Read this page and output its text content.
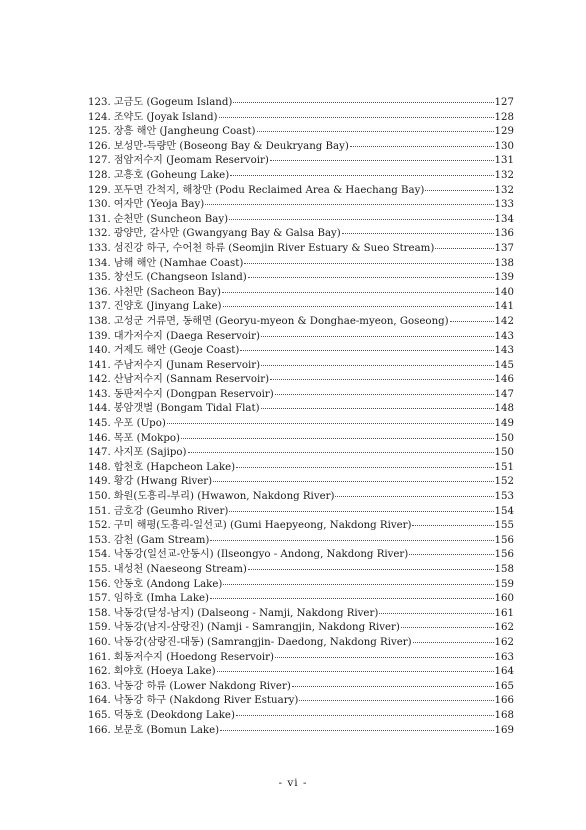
123. 고금도 (Gogeum Island)	127
124. 조약도 (Joyak Island)	128
125. 장흥 해안 (Jangheung Coast)	129
126. 보성만-득량만 (Boseong Bay & Deukryang Bay)	130
127. 점암저수지 (Jeomam Reservoir)	131
128. 고흥호 (Goheung Lake)	132
129. 포두면 간척지, 해창만 (Podu Reclaimed Area & Haechang Bay)	132
130. 여자만 (Yeoja Bay)	133
131. 순천만 (Suncheon Bay)	134
132. 광양만, 갈사만 (Gwangyang Bay & Galsa Bay)	136
133. 섬진강 하구, 수어천 하류 (Seomjin River Estuary & Sueo Stream)	137
134. 남해 해안 (Namhae Coast)	138
135. 창선도 (Changseon Island)	139
136. 사천만 (Sacheon Bay)	140
137. 진양호 (Jinyang Lake)	141
138. 고성군 거류면, 동해면 (Georyu-myeon & Donghae-myeon, Goseong)	142
139. 대가저수지 (Daega Reservoir)	143
140. 거제도 해안 (Geoje Coast)	143
141. 주남저수지 (Junam Reservoir)	145
142. 산남저수지 (Sannam Reservoir)	146
143. 동판저수지 (Dongpan Reservoir)	147
144. 봉암갯벌 (Bongam Tidal Flat)	148
145. 우포 (Upo)	149
146. 목포 (Mokpo)	150
147. 사지포 (Sajipo)	150
148. 합천호 (Hapcheon Lake)	151
149. 황강 (Hwang River)	152
150. 화원(도흥리-부리) (Hwawon, Nakdong River)	153
151. 금호강 (Geumho River)	154
152. 구미 해평(도흥리-일선교) (Gumi Haepyeong, Nakdong River)	155
153. 감천 (Gam Stream)	156
154. 낙동강(일선교-안동시) (Ilseongyo - Andong, Nakdong River)	156
155. 내성천 (Naeseong Stream)	158
156. 안동호 (Andong Lake)	159
157. 임하호 (Imha Lake)	160
158. 낙동강(달성-남지) (Dalseong - Namji, Nakdong River)	161
159. 낙동강(남지-삼랑진) (Namji - Samrangjin, Nakdong River)	162
160. 낙동강(삼랑진-대동) (Samrangjin- Daedong, Nakdong River)	162
161. 회동저수지 (Hoedong Reservoir)	163
162. 회야호 (Hoeya Lake)	164
163. 낙동강 하류 (Lower Nakdong River)	165
164. 낙동강 하구 (Nakdong River Estuary)	166
165. 덕동호 (Deokdong Lake)	168
166. 보문호 (Bomun Lake)	169
- vi -
